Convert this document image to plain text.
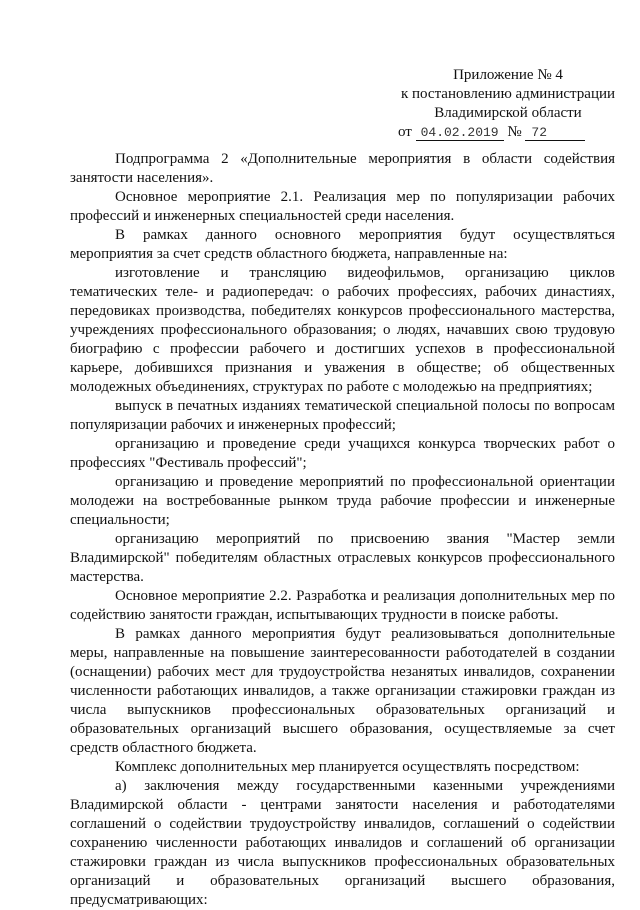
Приложение № 4
к постановлению администрации
Владимирской области
от 04.02.2019 № 72

Подпрограмма 2 «Дополнительные мероприятия в области содействия занятости населения».

Основное мероприятие 2.1. Реализация мер по популяризации рабочих профессий и инженерных специальностей среди населения.

В рамках данного основного мероприятия будут осуществляться мероприятия за счет средств областного бюджета, направленные на:

изготовление и трансляцию видеофильмов, организацию циклов тематических теле- и радиопередач: о рабочих профессиях, рабочих династиях, передовиках производства, победителях конкурсов профессионального мастерства, учреждениях профессионального образования; о людях, начавших свою трудовую биографию с профессии рабочего и достигших успехов в профессиональной карьере, добившихся признания и уважения в обществе; об общественных молодежных объединениях, структурах по работе с молодежью на предприятиях;

выпуск в печатных изданиях тематической специальной полосы по вопросам популяризации рабочих и инженерных профессий;

организацию и проведение среди учащихся конкурса творческих работ о профессиях "Фестиваль профессий";

организацию и проведение мероприятий по профессиональной ориентации молодежи на востребованные рынком труда рабочие профессии и инженерные специальности;

организацию мероприятий по присвоению звания "Мастер земли Владимирской" победителям областных отраслевых конкурсов профессионального мастерства.

Основное мероприятие 2.2. Разработка и реализация дополнительных мер по содействию занятости граждан, испытывающих трудности в поиске работы.

В рамках данного мероприятия будут реализовываться дополнительные меры, направленные на повышение заинтересованности работодателей в создании (оснащении) рабочих мест для трудоустройства незанятых инвалидов, сохранении численности работающих инвалидов, а также организации стажировки граждан из числа выпускников профессиональных образовательных организаций и образовательных организаций высшего образования, осуществляемые за счет средств областного бюджета.

Комплекс дополнительных мер планируется осуществлять посредством:

а) заключения между государственными казенными учреждениями Владимирской области - центрами занятости населения и работодателями соглашений о содействии трудоустройству инвалидов, соглашений о содействии сохранению численности работающих инвалидов и соглашений об организации стажировки граждан из числа выпускников профессиональных образовательных организаций и образовательных организаций высшего образования, предусматривающих:
